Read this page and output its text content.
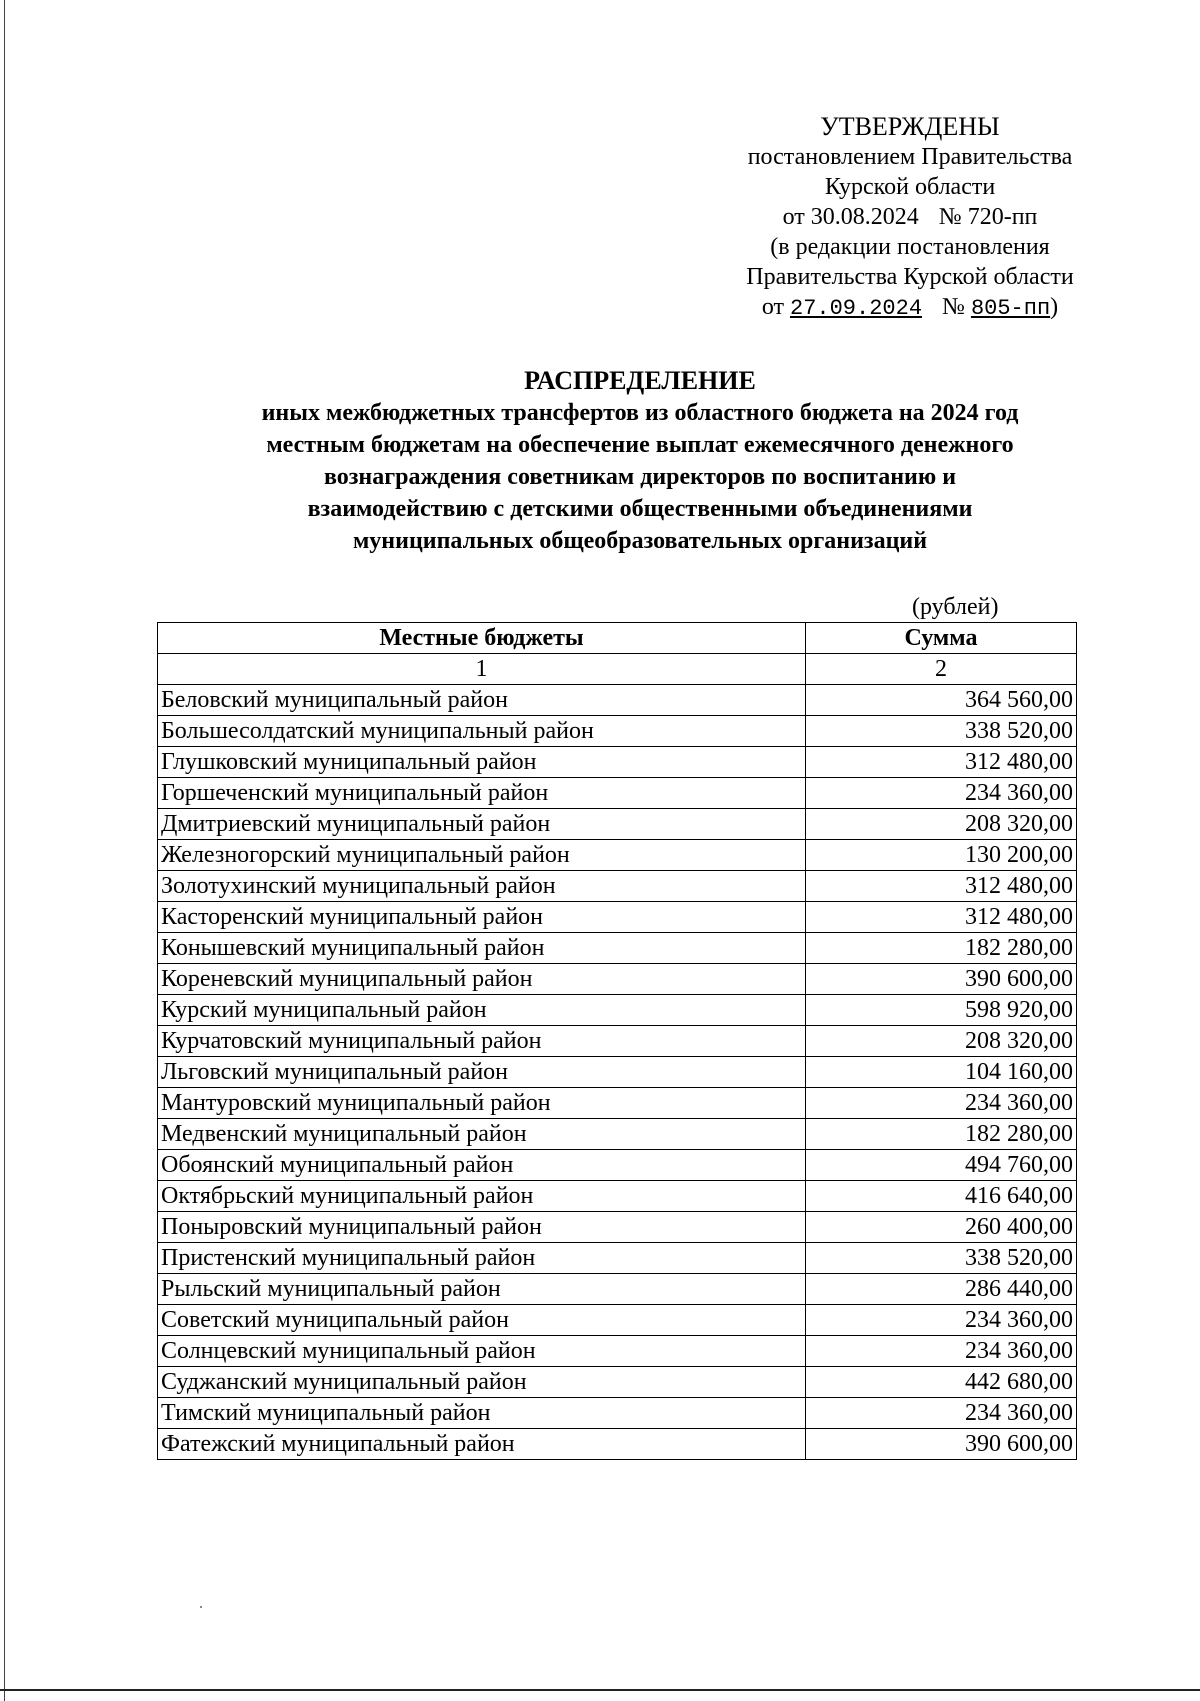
УТВЕРЖДЕНЫ
постановлением Правительства
Курской области
от 30.08.2024 № 720-пп
(в редакции постановления
Правительства Курской области
от 27.09.2024 № 805-пп)
РАСПРЕДЕЛЕНИЕ
иных межбюджетных трансфертов из областного бюджета на 2024 год
местным бюджетам на обеспечение выплат ежемесячного денежного
вознаграждения советникам директоров по воспитанию и
взаимодействию с детскими общественными объединениями
муниципальных общеобразовательных организаций
(рублей)
Местные бюджеты	Сумма
1	2
Беловский муниципальный район	364 560,00
Большесолдатский муниципальный район	338 520,00
Глушковский муниципальный район	312 480,00
Горшеченский муниципальный район	234 360,00
Дмитриевский муниципальный район	208 320,00
Железногорский муниципальный район	130 200,00
Золотухинский муниципальный район	312 480,00
Касторенский муниципальный район	312 480,00
Конышевский муниципальный район	182 280,00
Кореневский муниципальный район	390 600,00
Курский муниципальный район	598 920,00
Курчатовский муниципальный район	208 320,00
Льговский муниципальный район	104 160,00
Мантуровский муниципальный район	234 360,00
Медвенский муниципальный район	182 280,00
Обоянский муниципальный район	494 760,00
Октябрьский муниципальный район	416 640,00
Поныровский муниципальный район	260 400,00
Пристенский муниципальный район	338 520,00
Рыльский муниципальный район	286 440,00
Советский муниципальный район	234 360,00
Солнцевский муниципальный район	234 360,00
Суджанский муниципальный район	442 680,00
Тимский муниципальный район	234 360,00
Фатежский муниципальный район	390 600,00
